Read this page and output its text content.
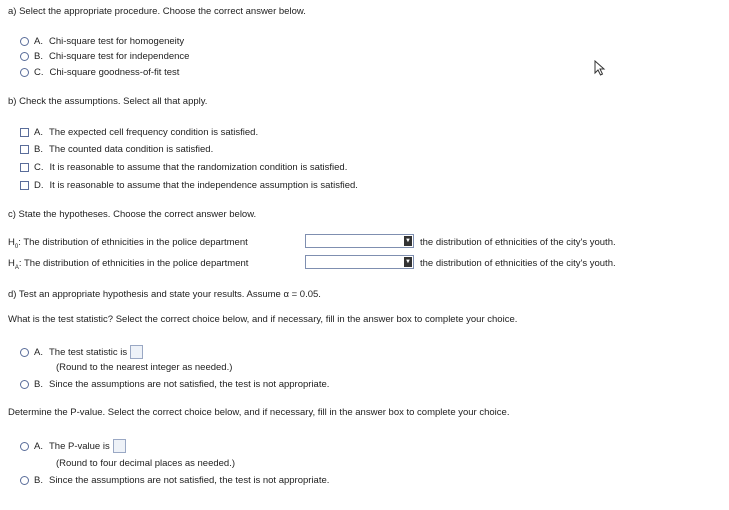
a) Select the appropriate procedure. Choose the correct answer below.
A. Chi-square test for homogeneity
B. Chi-square test for independence
C. Chi-square goodness-of-fit test
b) Check the assumptions. Select all that apply.
A. The expected cell frequency condition is satisfied.
B. The counted data condition is satisfied.
C. It is reasonable to assume that the randomization condition is satisfied.
D. It is reasonable to assume that the independence assumption is satisfied.
c) State the hypotheses. Choose the correct answer below.
$H_0$: The distribution of ethnicities in the police department	▼ the distribution of ethnicities of the city's youth.
$H_A$: The distribution of ethnicities in the police department	▼ the distribution of ethnicities of the city's youth.
d) Test an appropriate hypothesis and state your results. Assume α = 0.05.
What is the test statistic? Select the correct choice below, and if necessary, fill in the answer box to complete your choice.
A. The test statistic is
(Round to the nearest integer as needed.)
B. Since the assumptions are not satisfied, the test is not appropriate.
Determine the P-value. Select the correct choice below, and if necessary, fill in the answer box to complete your choice.
A. The P-value is
(Round to four decimal places as needed.)
B. Since the assumptions are not satisfied, the test is not appropriate.
